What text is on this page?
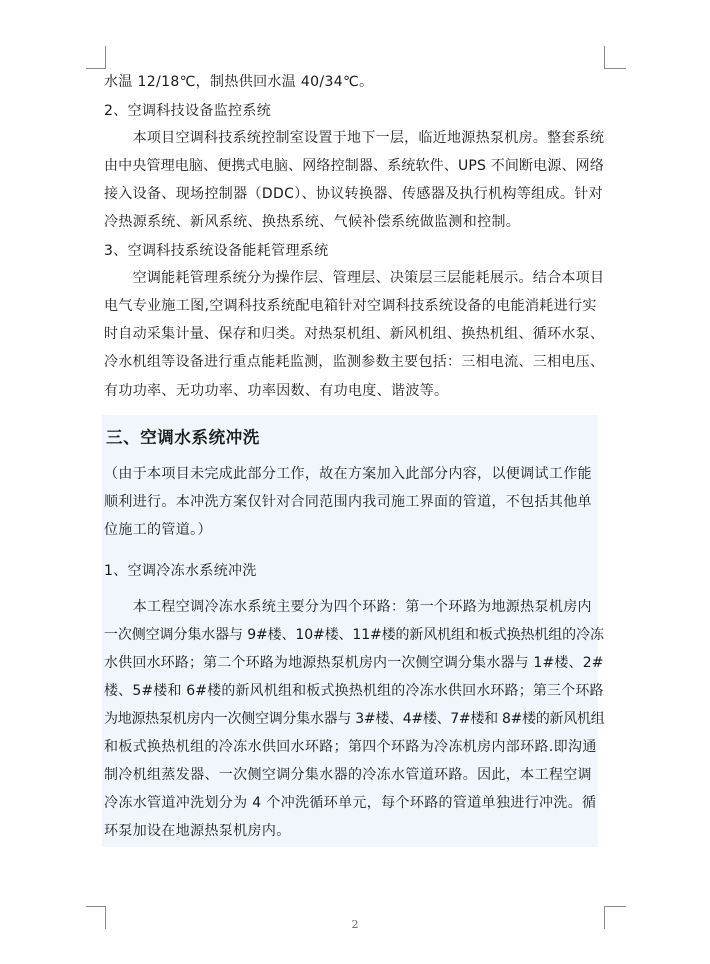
水温 12/18℃，制热供回水温 40/34℃。
2、空调科技设备监控系统
　　本项目空调科技系统控制室设置于地下一层，临近地源热泵机房。整套系统
由中央管理电脑、便携式电脑、网络控制器、系统软件、UPS 不间断电源、网络
接入设备、现场控制器（DDC）、协议转换器、传感器及执行机构等组成。针对
冷热源系统、新风系统、换热系统、气候补偿系统做监测和控制。
3、空调科技系统设备能耗管理系统
　　空调能耗管理系统分为操作层、管理层、决策层三层能耗展示。结合本项目
电气专业施工图,空调科技系统配电箱针对空调科技系统设备的电能消耗进行实
时自动采集计量、保存和归类。对热泵机组、新风机组、换热机组、循环水泵、
冷水机组等设备进行重点能耗监测，监测参数主要包括：三相电流、三相电压、
有功功率、无功功率、功率因数、有功电度、谐波等。
三、空调水系统冲洗
（由于本项目未完成此部分工作，故在方案加入此部分内容，以便调试工作能
顺利进行。本冲洗方案仅针对合同范围内我司施工界面的管道，不包括其他单
位施工的管道。）
1、空调冷冻水系统冲洗
　　本工程空调冷冻水系统主要分为四个环路：第一个环路为地源热泵机房内
一次侧空调分集水器与 9#楼、10#楼、11#楼的新风机组和板式换热机组的冷冻
水供回水环路；第二个环路为地源热泵机房内一次侧空调分集水器与 1#楼、2#
楼、5#楼和 6#楼的新风机组和板式换热机组的冷冻水供回水环路；第三个环路
为地源热泵机房内一次侧空调分集水器与 3#楼、4#楼、7#楼和 8#楼的新风机组
和板式换热机组的冷冻水供回水环路；第四个环路为冷冻机房内部环路.即沟通
制冷机组蒸发器、一次侧空调分集水器的冷冻水管道环路。因此，本工程空调
冷冻水管道冲洗划分为 4 个冲洗循环单元，每个环路的管道单独进行冲洗。循
环泵加设在地源热泵机房内。
2
